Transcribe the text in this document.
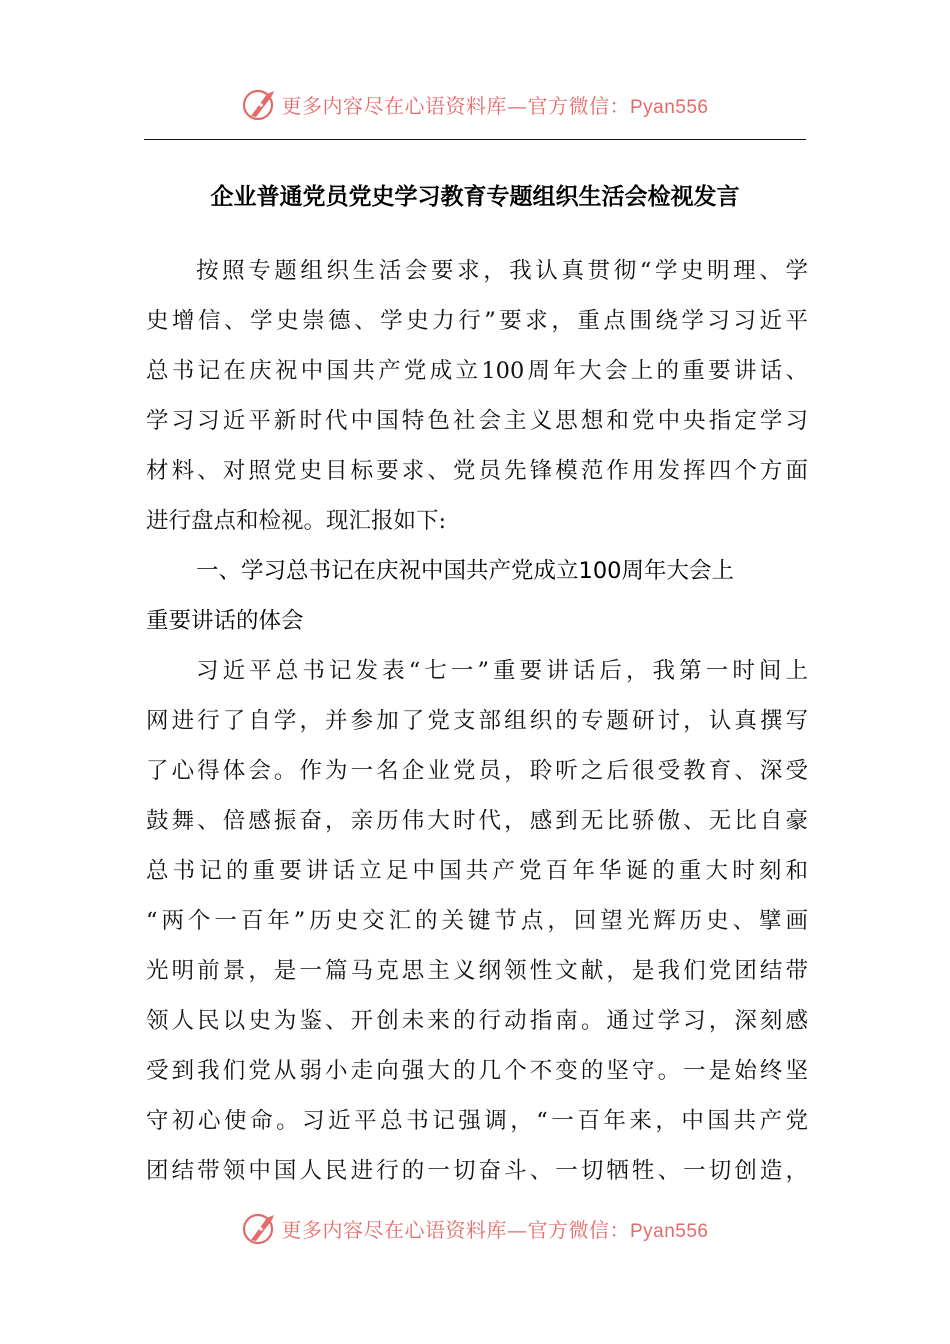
更多内容尽在心语资料库—官方微信：Pyan556
企业普通党员党史学习教育专题组织生活会检视发言
按照专题组织生活会要求，我认真贯彻“学史明理、学
史增信、学史崇德、学史力行”要求，重点围绕学习习近平
总书记在庆祝中国共产党成立100周年大会上的重要讲话、
学习习近平新时代中国特色社会主义思想和党中央指定学习
材料、对照党史目标要求、党员先锋模范作用发挥四个方面
进行盘点和检视。现汇报如下:
一、学习总书记在庆祝中国共产党成立100周年大会上
重要讲话的体会
习近平总书记发表“七一”重要讲话后，我第一时间上
网进行了自学，并参加了党支部组织的专题研讨，认真撰写
了心得体会。作为一名企业党员，聆听之后很受教育、深受
鼓舞、倍感振奋，亲历伟大时代，感到无比骄傲、无比自豪
总书记的重要讲话立足中国共产党百年华诞的重大时刻和
“两个一百年”历史交汇的关键节点，回望光辉历史、擘画
光明前景，是一篇马克思主义纲领性文献，是我们党团结带
领人民以史为鉴、开创未来的行动指南。通过学习，深刻感
受到我们党从弱小走向强大的几个不变的坚守。一是始终坚
守初心使命。习近平总书记强调，“一百年来，中国共产党
团结带领中国人民进行的一切奋斗、一切牺牲、一切创造，
更多内容尽在心语资料库—官方微信：Pyan556
